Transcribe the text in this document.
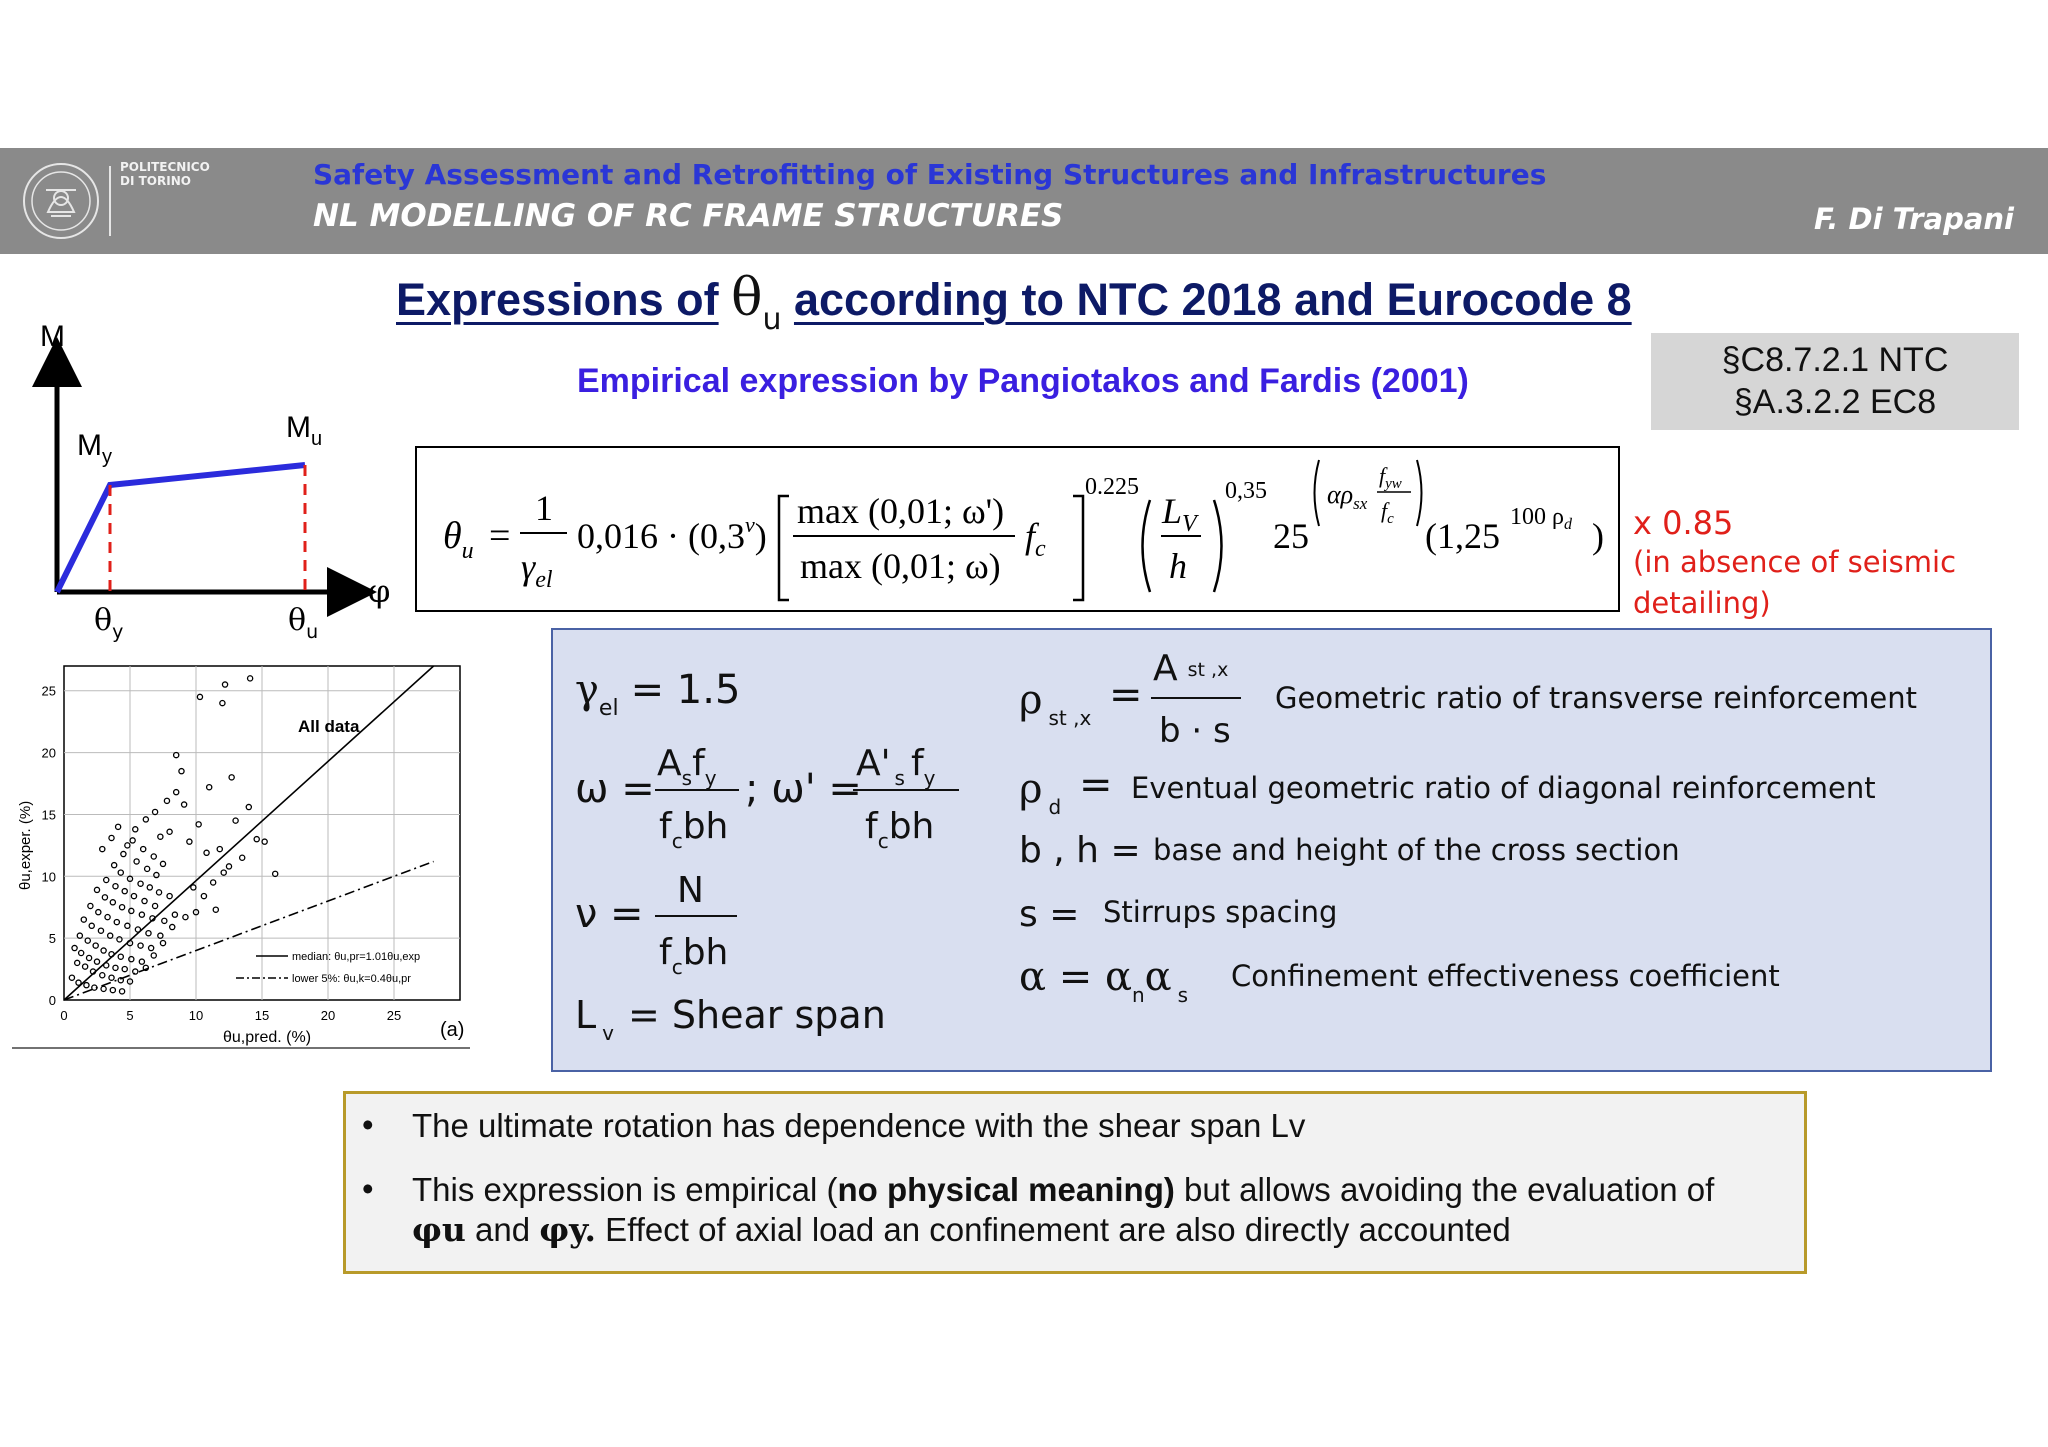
POLITECNICO
DI TORINO	Safety Assessment and Retrofitting of Existing Structures and Infrastructures
NL MODELLING OF RC FRAME STRUCTURES	F. Di Trapani
Expressions of $\theta_u$ according to NTC 2018 and Eurocode 8
Empirical expression by Pangiotakos and Fardis (2001)
§C8.7.2.1 NTC
§A.3.2.2 EC8
M
φ
$M_y$
$M_u$
$\theta_y$	$\theta_u$
$\theta_u$ =
1
$\gamma_{el}$
$0,016 \cdot (0,3^\nu)$
max (0,01; ω')
max (0,01; ω)
$f_c$
0.225
$L_V$
h
0,35
25
$\alpha\rho_{sx}$
$f_{yw}$
$f_c$ (1,25 100 $\rho_d$ ) x 0.85
(in absence of seismic
detailing)
0	5	10	15	20	25
0
5
10
15
20
25
All data
median: θu,pr=1.01θu,exp
lower 5%: θu,k=0.4θu,pr
θu,pred. (%)
θu,exper. (%)
(a)
$\gamma_{el} = 1.5$
ω =
$A_sf_y$
$f_cbh$
; ω' =
A' $_s$ $f_y$
$f_cbh$
ν =
N
$f_cbh$
L $_v$ = Shear span
ρ $_{st ,x}$ =
Ast ,x
b · s
Geometric ratio of transverse reinforcement
ρ $_d$ = Eventual geometric ratio of diagonal reinforcement
b , h = base and height of the cross section
s = Stirrups spacing
$\alpha = \alpha_n\alpha$ $_s$
Confinement effectiveness coefficient
• The ultimate rotation has dependence with the shear span Lv
• This expression is empirical (no physical meaning) but allows avoiding the evaluation of
φu and φy. Effect of axial load an confinement are also directly accounted
